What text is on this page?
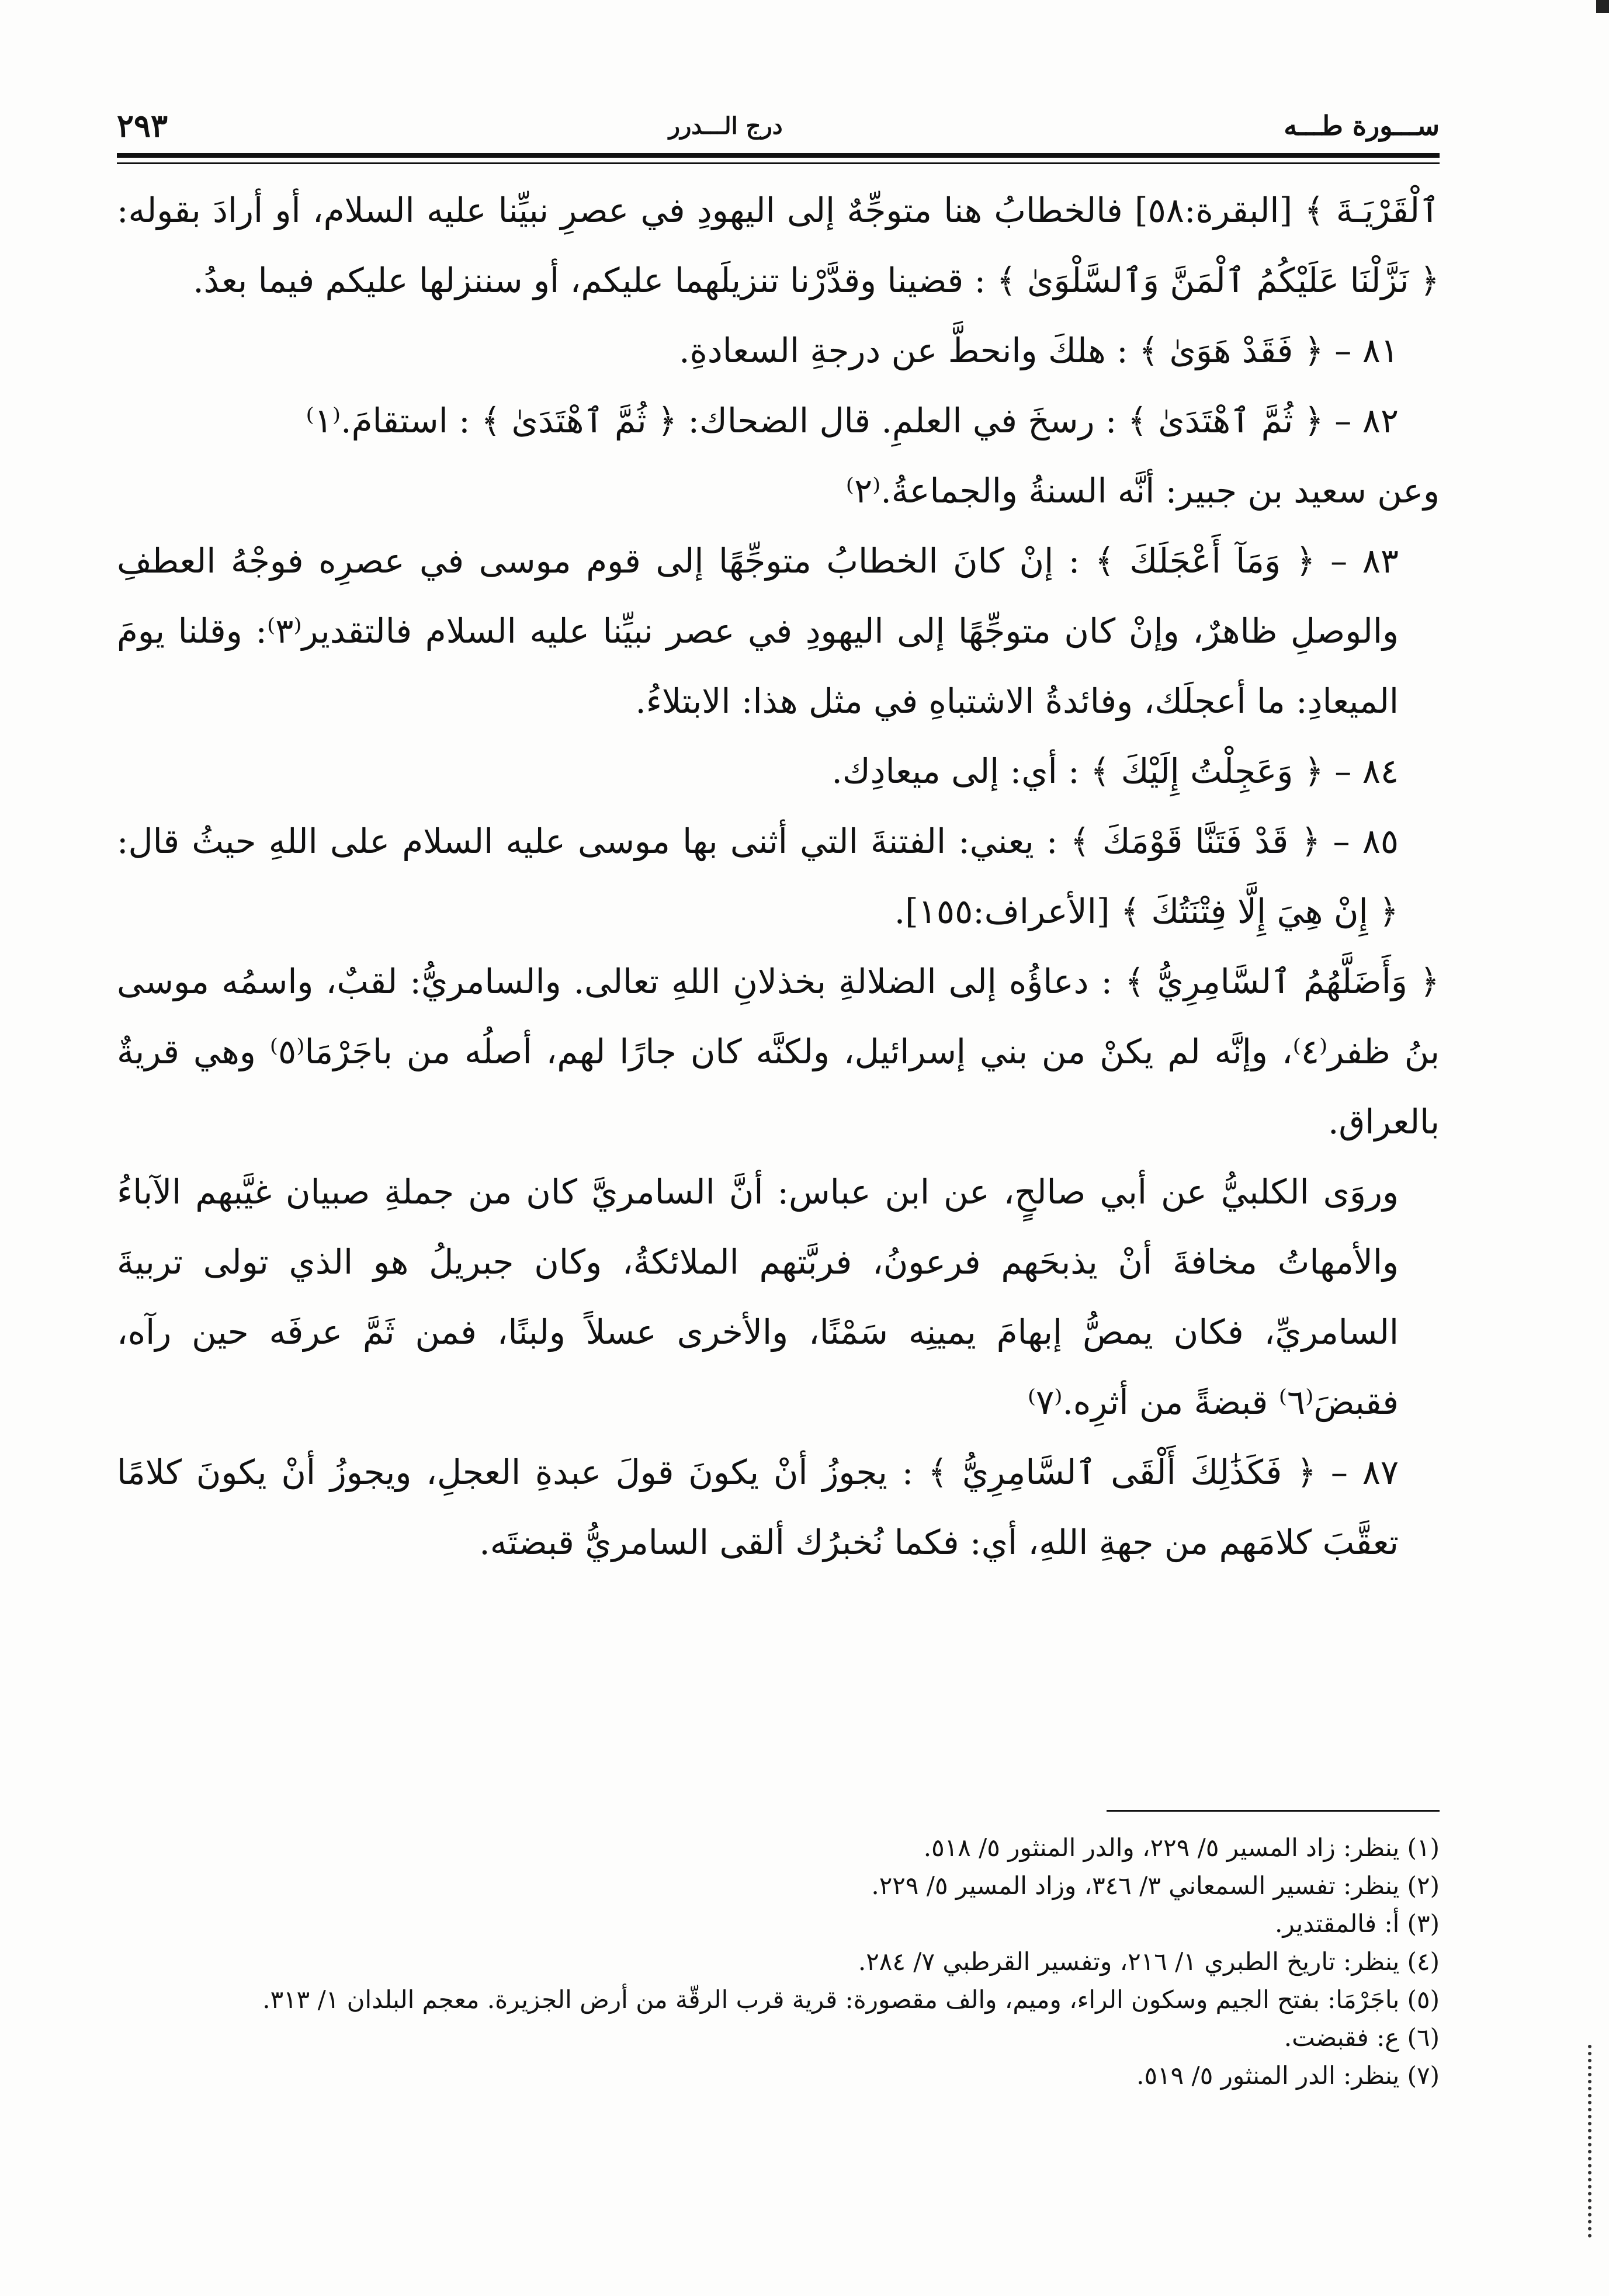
ســـورة طـــه
درج الـــدرر
٢٩٣

ٱلْقَرْيَـةَ ﴾ [البقرة:٥٨] فالخطابُ هنا متوجِّهٌ إلى اليهودِ في عصرِ نبيِّنا عليه السلام، أو أرادَ بقوله: ﴿ نَزَّلْنَا عَلَيْكُمُ ٱلْمَنَّ وَٱلسَّلْوَىٰ ﴾ : قضينا وقدَّرْنا تنزيلَهما عليكم، أو سننزلها عليكم فيما بعدُ.

٨١ – ﴿ فَقَدْ هَوَىٰ ﴾ : هلكَ وانحطَّ عن درجةِ السعادةِ.

٨٢ – ﴿ ثُمَّ ٱهْتَدَىٰ ﴾ : رسخَ في العلمِ. قال الضحاك: ﴿ ثُمَّ ٱهْتَدَىٰ ﴾ : استقامَ.⁽١⁾

وعن سعيد بن جبير: أنَّه السنةُ والجماعةُ.⁽٢⁾

٨٣ – ﴿ وَمَآ أَعْجَلَكَ ﴾ : إنْ كانَ الخطابُ متوجِّهًا إلى قوم موسى في عصرِه فوجْهُ العطفِ والوصلِ ظاهرٌ، وإنْ كان متوجِّهًا إلى اليهودِ في عصر نبيِّنا عليه السلام فالتقدير⁽٣⁾: وقلنا يومَ الميعادِ: ما أعجلَك، وفائدةُ الاشتباهِ في مثل هذا: الابتلاءُ.

٨٤ – ﴿ وَعَجِلْتُ إِلَيْكَ ﴾ : أي: إلى ميعادِك.

٨٥ – ﴿ قَدْ فَتَنَّا قَوْمَكَ ﴾ : يعني: الفتنةَ التي أثنى بها موسى عليه السلام على اللهِ حيثُ قال: ﴿ إِنْ هِيَ إِلَّا فِتْنَتُكَ ﴾ [الأعراف:١٥٥].

﴿ وَأَضَلَّهُمُ ٱلسَّامِرِيُّ ﴾ : دعاؤُه إلى الضلالةِ بخذلانِ اللهِ تعالى. والسامريُّ: لقبٌ، واسمُه موسى بنُ ظفر⁽٤⁾، وإنَّه لم يكنْ من بني إسرائيل، ولكنَّه كان جارًا لهم، أصلُه من باجَرْمَا⁽٥⁾ وهي قريةٌ بالعراق.

وروَى الكلبيُّ عن أبي صالحٍ، عن ابن عباس: أنَّ السامريَّ كان من جملةِ صبيان غيَّبهم الآباءُ والأمهاتُ مخافةَ أنْ يذبحَهم فرعونُ، فربَّتهم الملائكةُ، وكان جبريلُ هو الذي تولى تربيةَ السامريِّ، فكان يمصُّ إبهامَ يمينِه سَمْنًا، والأخرى عسلاً ولبنًا، فمن ثَمَّ عرفَه حين رآه، فقبضَ⁽٦⁾ قبضةً من أثرِه.⁽٧⁾

٨٧ – ﴿ فَكَذَٰلِكَ أَلْقَى ٱلسَّامِرِيُّ ﴾ : يجوزُ أنْ يكونَ قولَ عبدةِ العجلِ، ويجوزُ أنْ يكونَ كلامًا تعقَّبَ كلامَهم من جهةِ اللهِ، أي: فكما نُخبرُك ألقى السامريُّ قبضتَه.

(١) ينظر: زاد المسير ٥/ ٢٢٩، والدر المنثور ٥/ ٥١٨.

(٢) ينظر: تفسير السمعاني ٣/ ٣٤٦، وزاد المسير ٥/ ٢٢٩.

(٣) أ: فالمقتدير.

(٤) ينظر: تاريخ الطبري ١/ ٢١٦، وتفسير القرطبي ٧/ ٢٨٤.

(٥) باجَرْمَا: بفتح الجيم وسكون الراء، وميم، والف مقصورة: قرية قرب الرقّة من أرض الجزيرة. معجم البلدان ١/ ٣١٣.

(٦) ع: فقبضت.

(٧) ينظر: الدر المنثور ٥/ ٥١٩.
